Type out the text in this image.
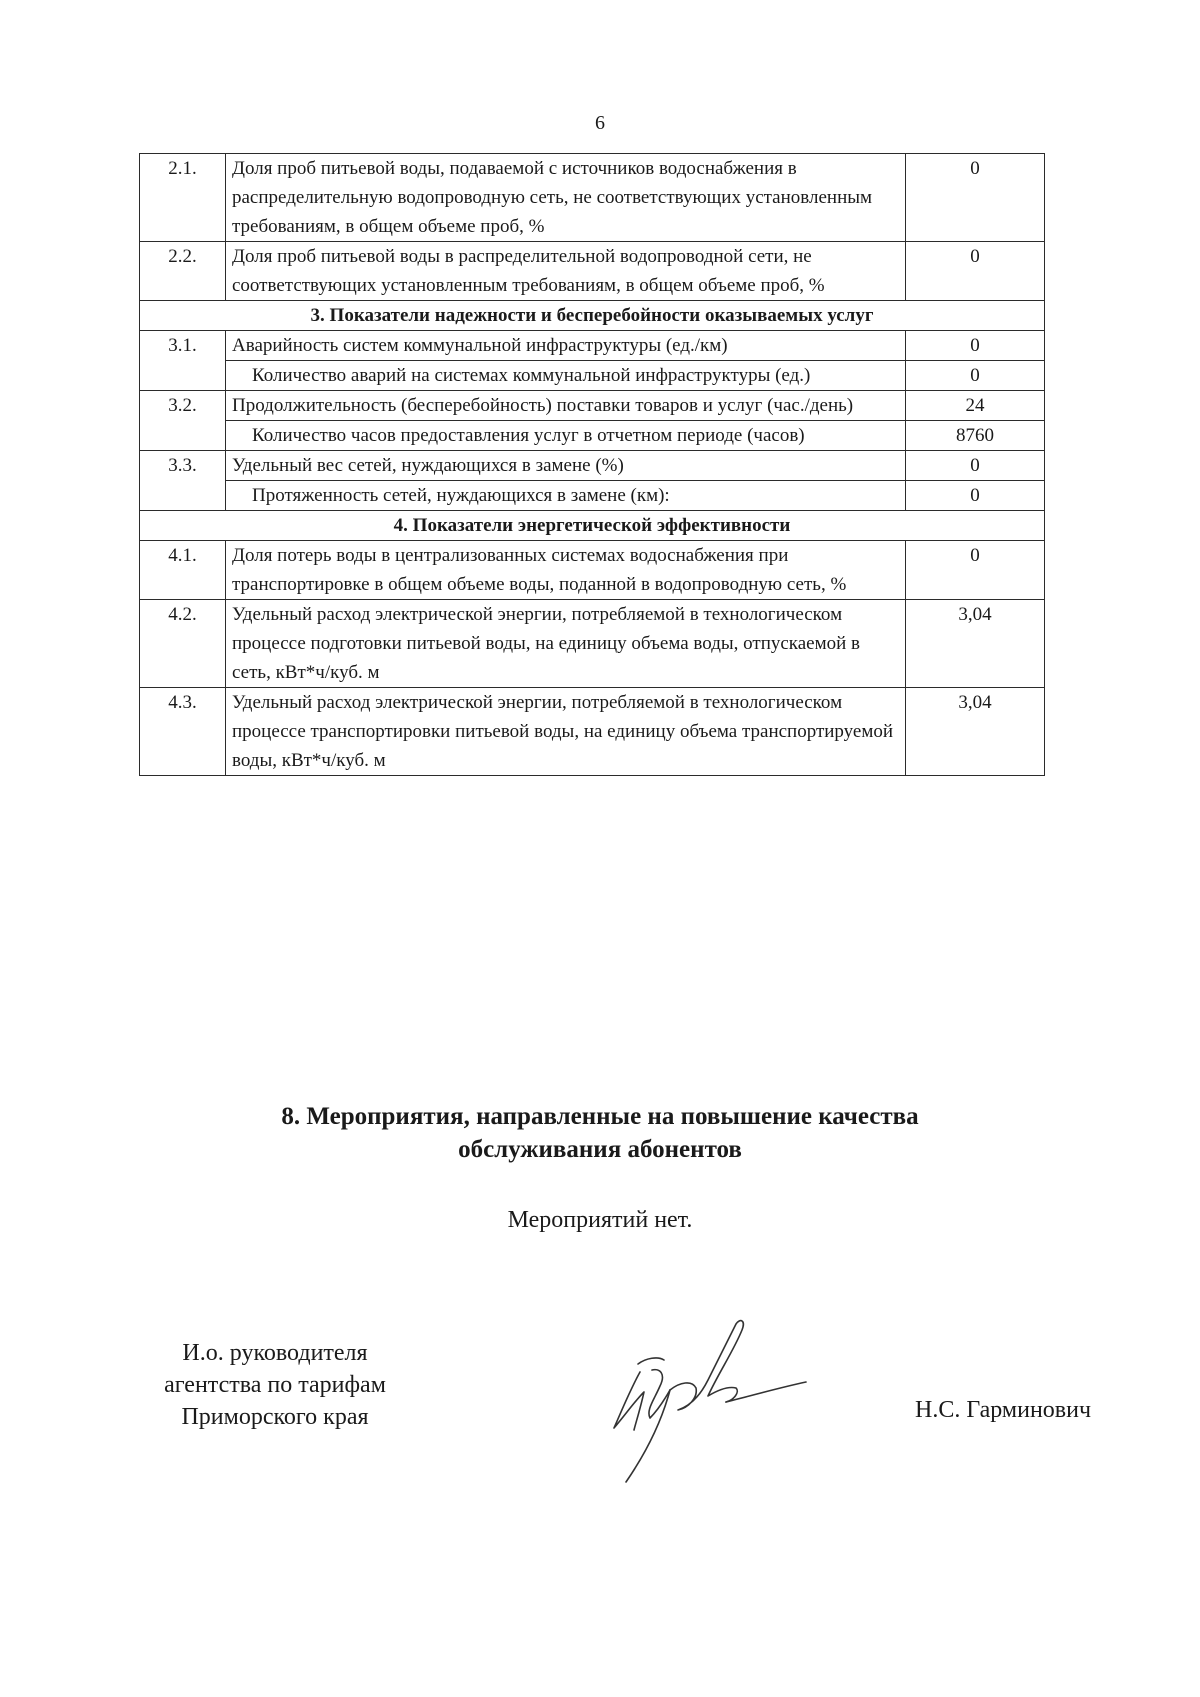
6
2.1.	Доля проб питьевой воды, подаваемой с источников водоснабжения в распределительную водопроводную сеть, не соответствующих установленным требованиям, в общем объеме проб, %	0
2.2.	Доля проб питьевой воды в распределительной водопроводной сети, не соответствующих установленным требованиям, в общем объеме проб, %	0
3. Показатели надежности и бесперебойности оказываемых услуг		
3.1.	Аварийность систем коммунальной инфраструктуры (ед./км)	0
	Количество аварий на системах коммунальной инфраструктуры (ед.)	0
3.2.	Продолжительность (бесперебойность) поставки товаров и услуг (час./день)	24
	Количество часов предоставления услуг в отчетном периоде (часов)	8760
3.3.	Удельный вес сетей, нуждающихся в замене (%)	0
	Протяженность сетей, нуждающихся в замене (км):	0
4. Показатели энергетической эффективности		
4.1.	Доля потерь воды в централизованных системах водоснабжения при транспортировке в общем объеме воды, поданной в водопроводную сеть, %	0
4.2.	Удельный расход электрической энергии, потребляемой в технологическом процессе подготовки питьевой воды, на единицу объема воды, отпускаемой в сеть, кВт*ч/куб. м	3,04
4.3.	Удельный расход электрической энергии, потребляемой в технологическом процессе транспортировки питьевой воды, на единицу объема транспортируемой воды, кВт*ч/куб. м	3,04
8. Мероприятия, направленные на повышение качества
обслуживания абонентов
Мероприятий нет.
И.о. руководителя
агентства по тарифам
Приморского края	Н.С. Гарминович
